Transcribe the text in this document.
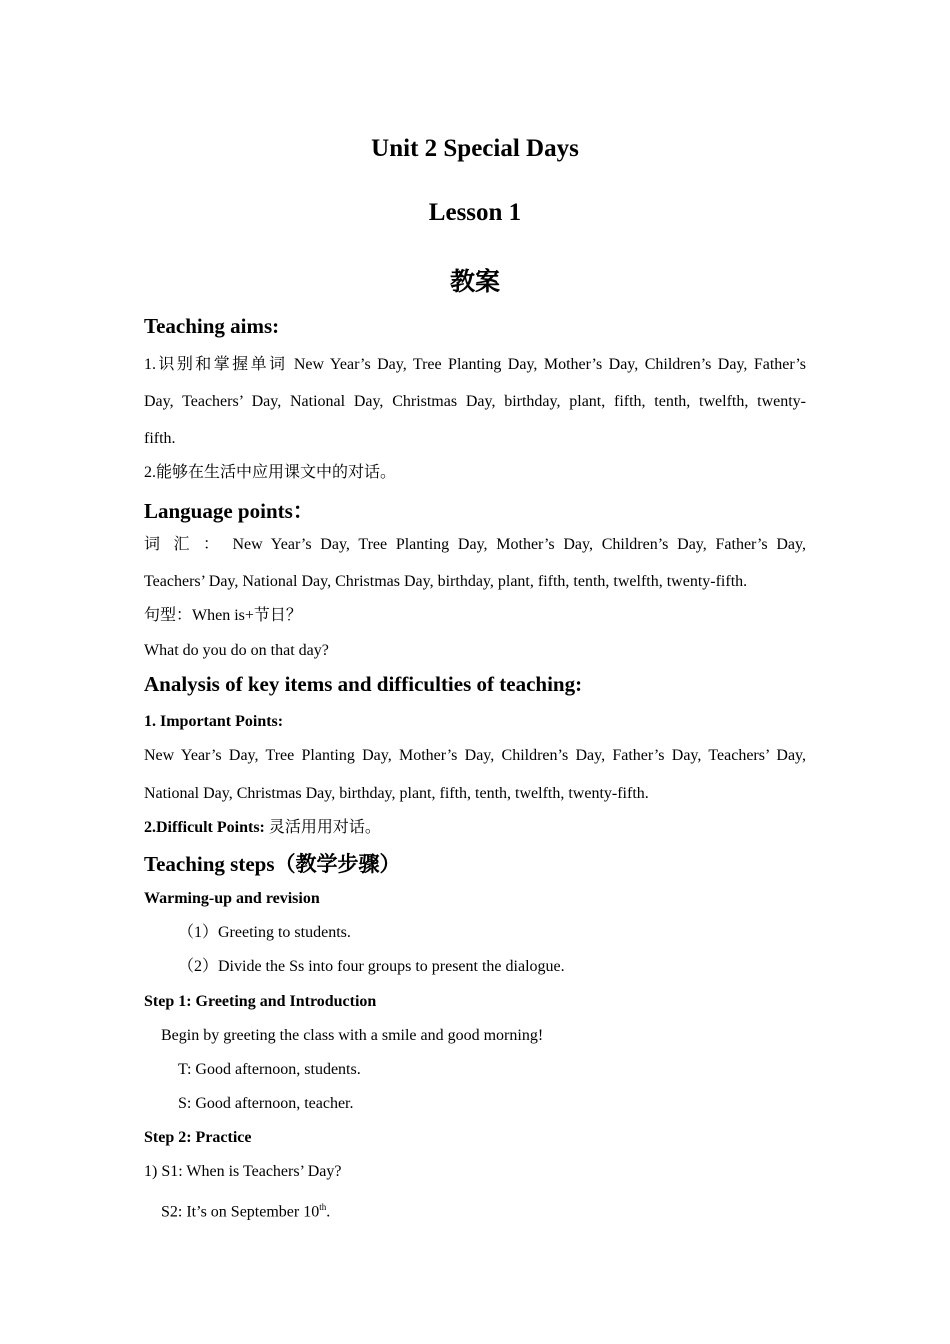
Unit 2 Special Days
Lesson 1
教案
Teaching aims:

1.识别和掌握单词 New Year’s Day, Tree Planting Day, Mother’s Day, Children’s Day, Father’s

Day, Teachers’ Day, National Day, Christmas Day, birthday, plant, fifth, tenth, twelfth, twenty-

fifth.

2.能够在生活中应用课文中的对话。

Language points：

词 汇 ： New Year’s Day, Tree Planting Day, Mother’s Day, Children’s Day, Father’s Day,

Teachers’ Day, National Day, Christmas Day, birthday, plant, fifth, tenth, twelfth, twenty-fifth.

句型：When is+节日？

What do you do on that day?

Analysis of key items and difficulties of teaching:

1. Important Points:

New Year’s Day, Tree Planting Day, Mother’s Day, Children’s Day, Father’s Day, Teachers’ Day,

National Day, Christmas Day, birthday, plant, fifth, tenth, twelfth, twenty-fifth.

2.Difficult Points: 灵活用用对话。

Teaching steps（教学步骤）

Warming-up and revision

（1）Greeting to students.

（2）Divide the Ss into four groups to present the dialogue.

Step 1: Greeting and Introduction

Begin by greeting the class with a smile and good morning!

T: Good afternoon, students.

S: Good afternoon, teacher.

Step 2: Practice

1) S1: When is Teachers’ Day?

S2: It’s on September 10th.
